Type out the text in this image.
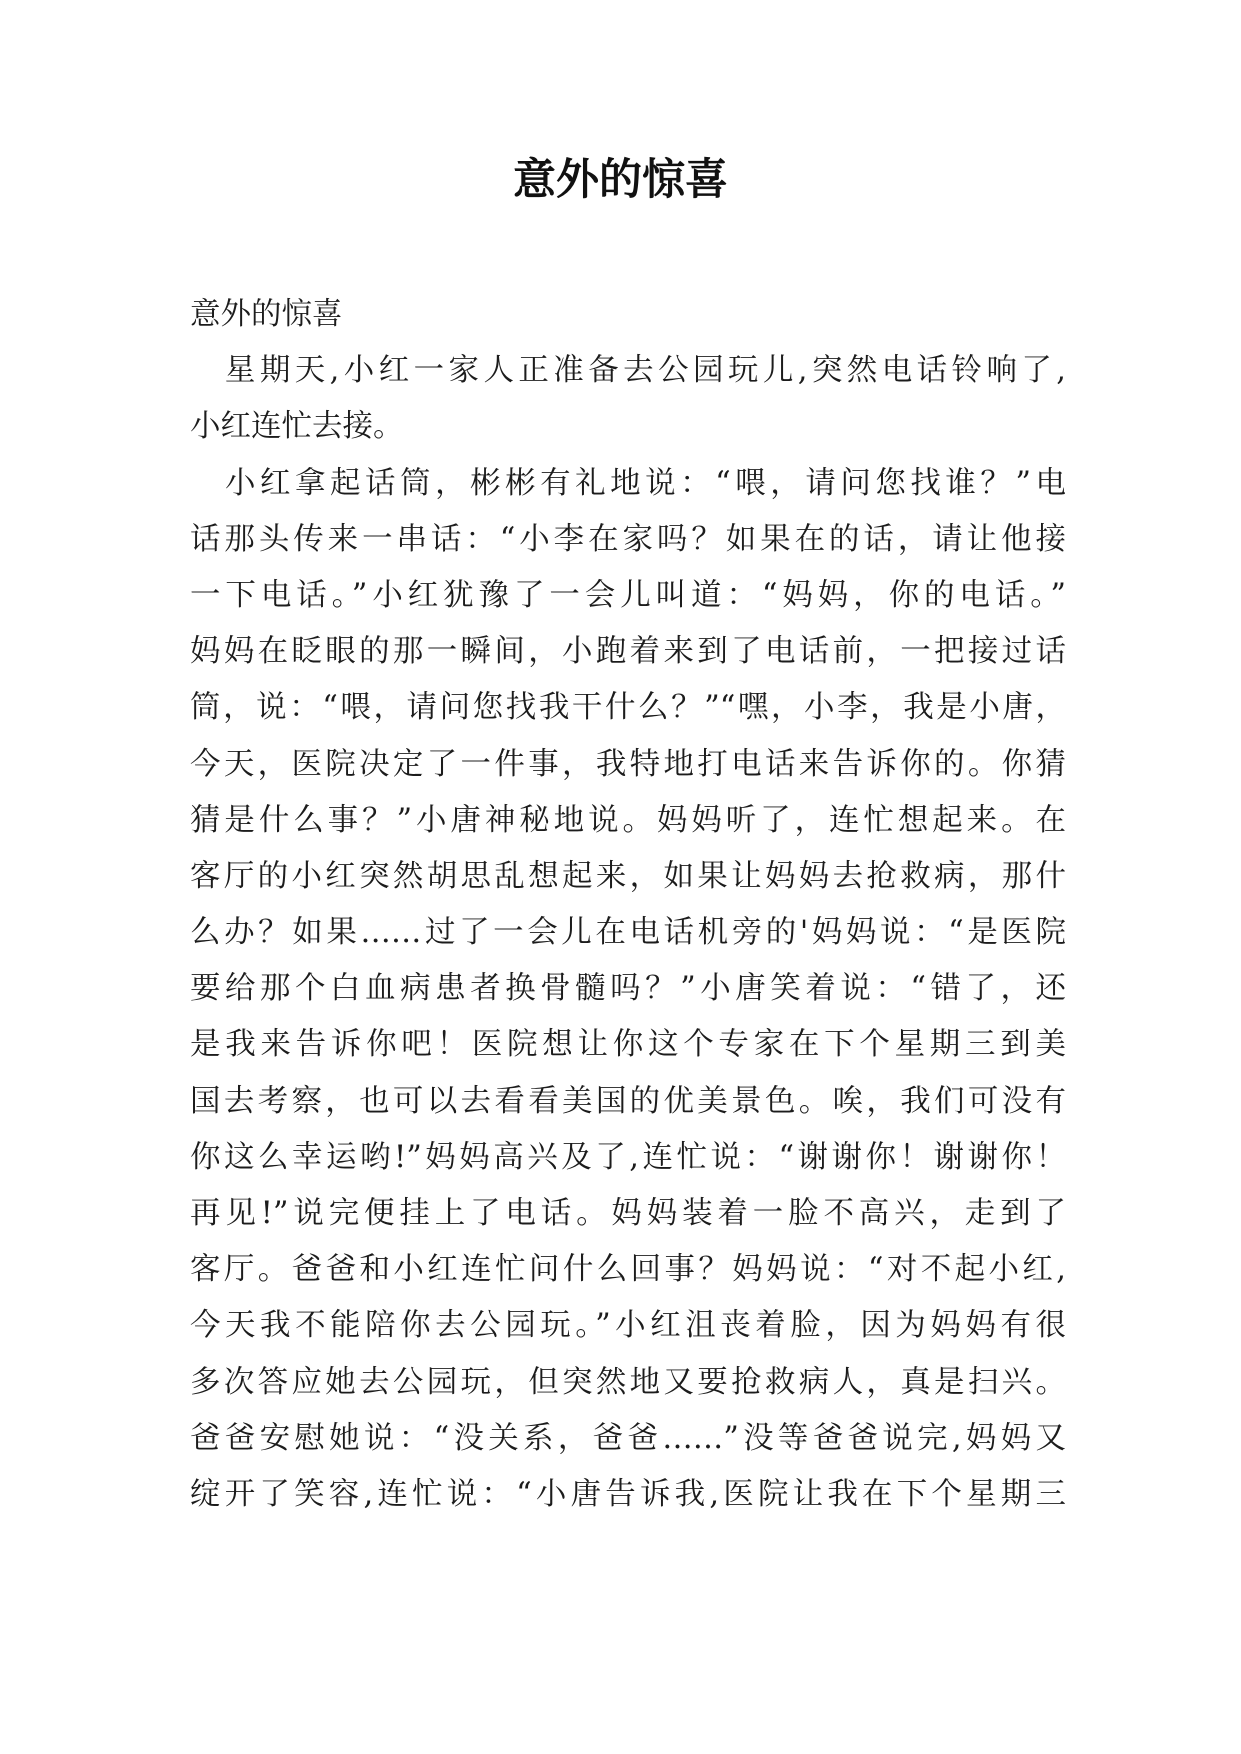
意外的惊喜
意外的惊喜
　星期天,小红一家人正准备去公园玩儿,突然电话铃响了,
小红连忙去接。
　小红拿起话筒，彬彬有礼地说：“喂，请问您找谁？”电
话那头传来一串话：“小李在家吗？如果在的话，请让他接
一下电话。”小红犹豫了一会儿叫道：“妈妈，你的电话。”
妈妈在眨眼的那一瞬间，小跑着来到了电话前，一把接过话
筒，说：“喂，请问您找我干什么？”“嘿，小李，我是小唐，
今天，医院决定了一件事，我特地打电话来告诉你的。你猜
猜是什么事？”小唐神秘地说。妈妈听了，连忙想起来。在
客厅的小红突然胡思乱想起来，如果让妈妈去抢救病，那什
么办？如果……过了一会儿在电话机旁的'妈妈说：“是医院
要给那个白血病患者换骨髓吗？”小唐笑着说：“错了，还
是我来告诉你吧！医院想让你这个专家在下个星期三到美
国去考察，也可以去看看美国的优美景色。唉，我们可没有
你这么幸运哟!”妈妈高兴及了,连忙说：“谢谢你！谢谢你！
再见!”说完便挂上了电话。妈妈装着一脸不高兴，走到了
客厅。爸爸和小红连忙问什么回事？妈妈说：“对不起小红,
今天我不能陪你去公园玩。”小红沮丧着脸，因为妈妈有很
多次答应她去公园玩，但突然地又要抢救病人，真是扫兴。
爸爸安慰她说：“没关系，爸爸……”没等爸爸说完,妈妈又
绽开了笑容,连忙说：“小唐告诉我,医院让我在下个星期三
